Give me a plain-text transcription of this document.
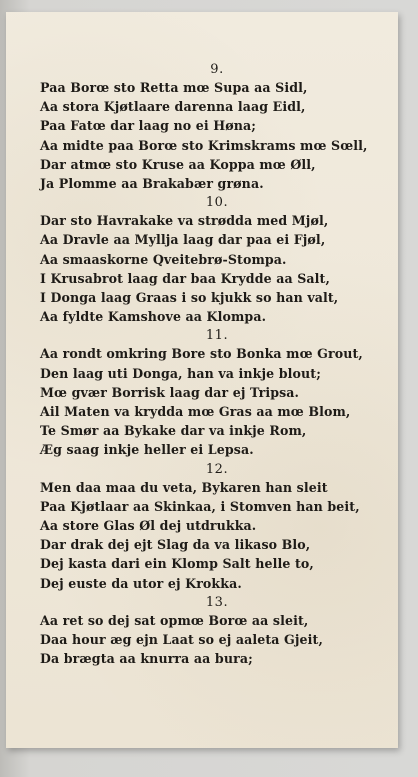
9.
Paa Borœ sto Retta mœ Supa aa Sidl,
Aa stora Kjøtlaare darenna laag Eidl,
Paa Fatœ dar laag no ei Høna;
Aa midte paa Borœ sto Krimskrams mœ Sœll,
Dar atmœ sto Kruse aa Koppa mœ Øll,
Ja Plomme aa Brakabær grøna.
10.
Dar sto Havrakake va strødda med Mjøl,
Aa Dravle aa Myllja laag dar paa ei Fjøl,
Aa smaaskorne Qveitebrø-Stompa.
I Krusabrot laag dar baa Krydde aa Salt,
I Donga laag Graas i so kjukk so han valt,
Aa fyldte Kamshove aa Klompa.
11.
Aa rondt omkring Bore sto Bonka mœ Grout,
Den laag uti Donga, han va inkje blout;
Mœ gvær Borrisk laag dar ej Tripsa.
Ail Maten va krydda mœ Gras aa mœ Blom,
Te Smør aa Bykake dar va inkje Rom,
Æg saag inkje heller ei Lepsa.
12.
Men daa maa du veta, Bykaren han sleit
Paa Kjøtlaar aa Skinkaa, i Stomven han beit,
Aa store Glas Øl dej utdrukka.
Dar drak dej ejt Slag da va likaso Blo,
Dej kasta dari ein Klomp Salt helle to,
Dej euste da utor ej Krokka.
13.
Aa ret so dej sat opmœ Borœ aa sleit,
Daa hour æg ejn Laat so ej aaleta Gjeit,
Da brægta aa knurra aa bura;
